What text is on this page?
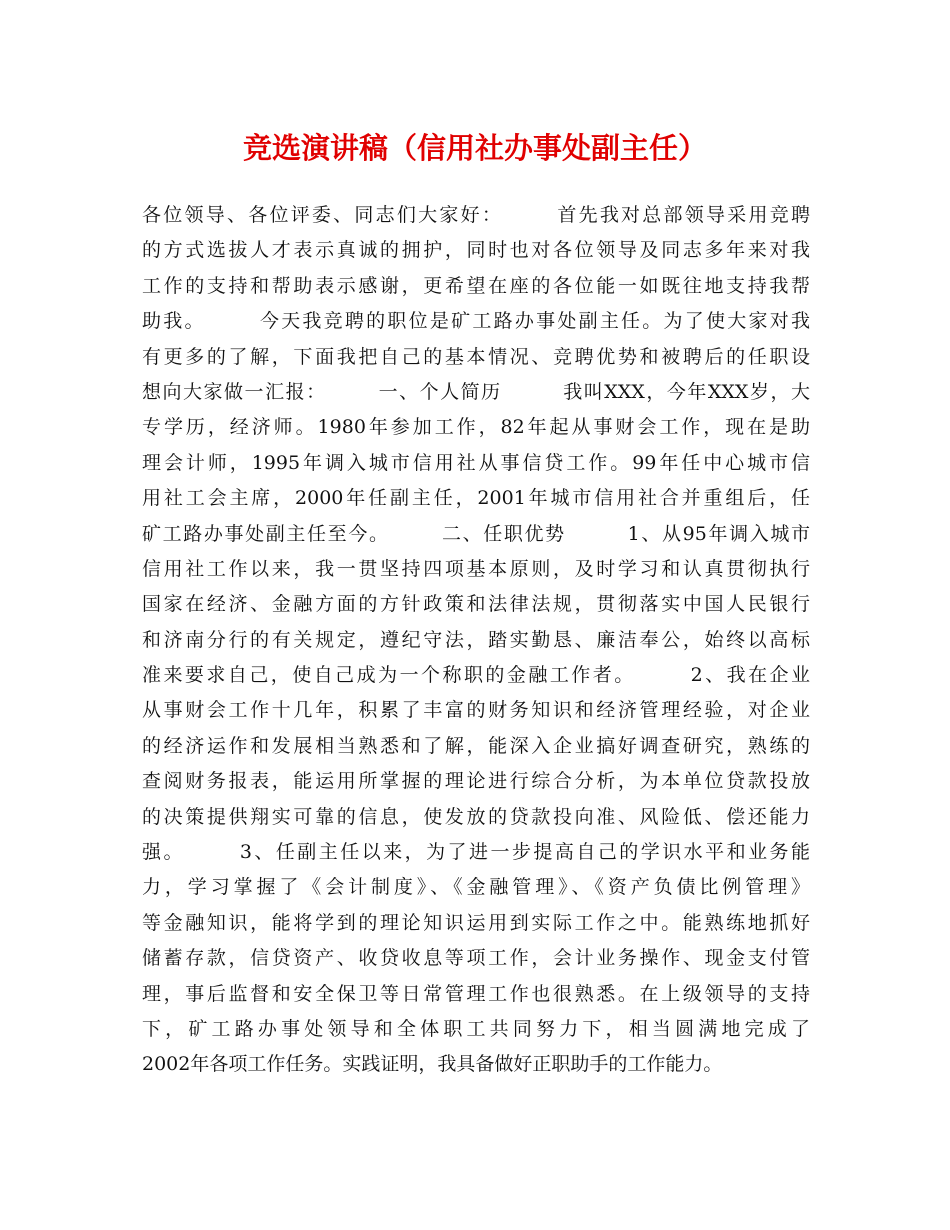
竞选演讲稿（信用社办事处副主任）
各位领导、各位评委、同志们大家好：　　　首先我对总部领导采用竞聘
的方式选拔人才表示真诚的拥护，同时也对各位领导及同志多年来对我
工作的支持和帮助表示感谢，更希望在座的各位能一如既往地支持我帮
助我。　　　今天我竞聘的职位是矿工路办事处副主任。为了使大家对我
有更多的了解，下面我把自己的基本情况、竞聘优势和被聘后的任职设
想向大家做一汇报：　　　一、个人简历　　　我叫XXX，今年XXX岁，大
专学历，经济师。1980年参加工作，82年起从事财会工作，现在是助
理会计师，1995年调入城市信用社从事信贷工作。99年任中心城市信
用社工会主席，2000年任副主任，2001年城市信用社合并重组后，任
矿工路办事处副主任至今。　　　二、任职优势　　　1、从95年调入城市
信用社工作以来，我一贯坚持四项基本原则，及时学习和认真贯彻执行
国家在经济、金融方面的方针政策和法律法规，贯彻落实中国人民银行
和济南分行的有关规定，遵纪守法，踏实勤恳、廉洁奉公，始终以高标
准来要求自己，使自己成为一个称职的金融工作者。　　　2、我在企业
从事财会工作十几年，积累了丰富的财务知识和经济管理经验，对企业
的经济运作和发展相当熟悉和了解，能深入企业搞好调查研究，熟练的
查阅财务报表，能运用所掌握的理论进行综合分析，为本单位贷款投放
的决策提供翔实可靠的信息，使发放的贷款投向准、风险低、偿还能力
强。　　　3、任副主任以来，为了进一步提高自己的学识水平和业务能
力，学习掌握了《会计制度》、《金融管理》、《资产负债比例管理》
等金融知识，能将学到的理论知识运用到实际工作之中。能熟练地抓好
储蓄存款，信贷资产、收贷收息等项工作，会计业务操作、现金支付管
理，事后监督和安全保卫等日常管理工作也很熟悉。在上级领导的支持
下，矿工路办事处领导和全体职工共同努力下，相当圆满地完成了
2002年各项工作任务。实践证明，我具备做好正职助手的工作能力。
